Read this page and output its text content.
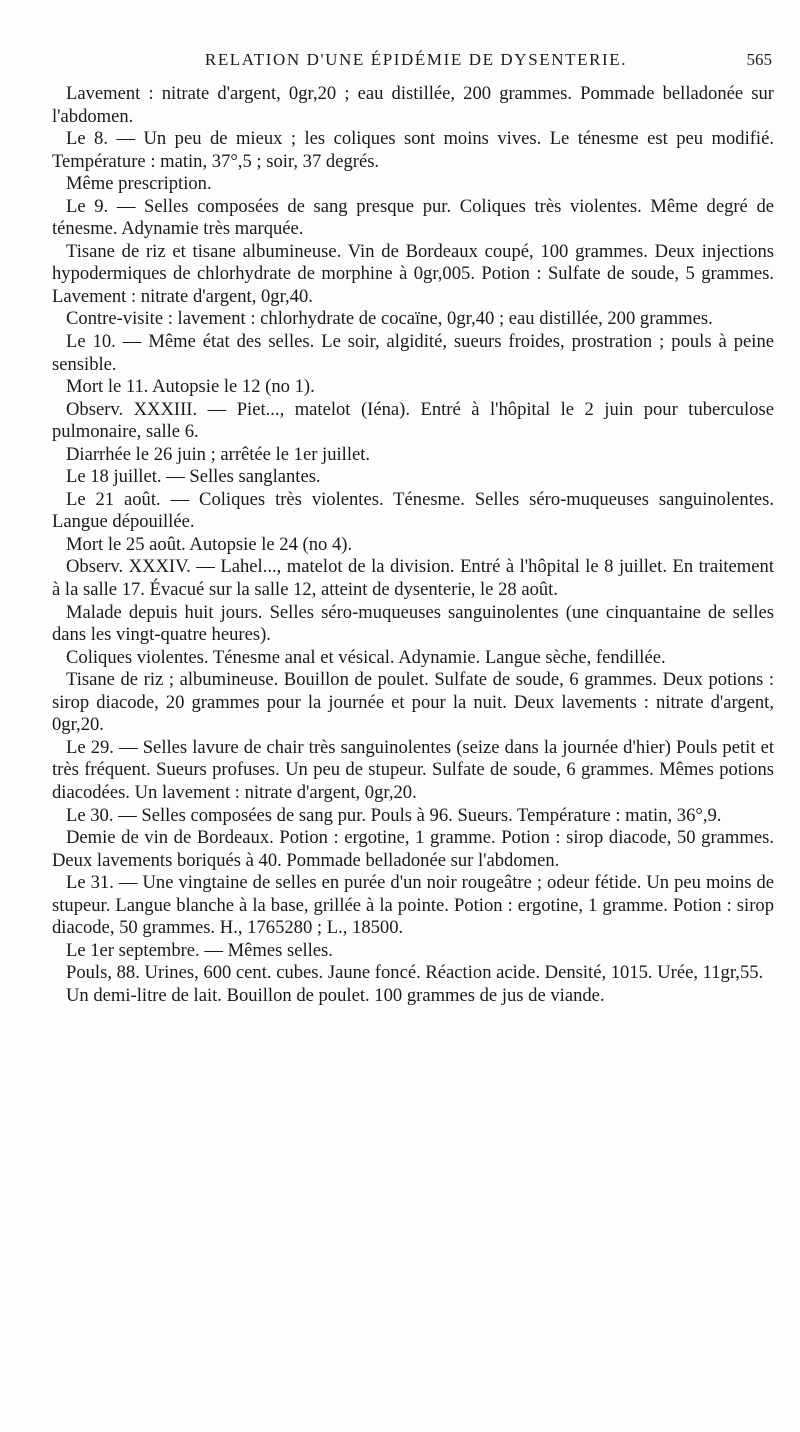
RELATION D'UNE ÉPIDÉMIE DE DYSENTERIE.	565

Lavement : nitrate d'argent, 0gr,20 ; eau distillée, 200 grammes. Pommade belladonée sur l'abdomen.

Le 8. — Un peu de mieux ; les coliques sont moins vives. Le ténesme est peu modifié. Température : matin, 37°,5 ; soir, 37 degrés.

Même prescription.

Le 9. — Selles composées de sang presque pur. Coliques très violentes. Même degré de ténesme. Adynamie très marquée.

Tisane de riz et tisane albumineuse. Vin de Bordeaux coupé, 100 grammes. Deux injections hypodermiques de chlorhydrate de morphine à 0gr,005. Potion : Sulfate de soude, 5 grammes. Lavement : nitrate d'argent, 0gr,40.

Contre-visite : lavement : chlorhydrate de cocaïne, 0gr,40 ; eau distillée, 200 grammes.

Le 10. — Même état des selles. Le soir, algidité, sueurs froides, prostration ; pouls à peine sensible.

Mort le 11. Autopsie le 12 (no 1).

Observ. XXXIII. — Piet..., matelot (Iéna). Entré à l'hôpital le 2 juin pour tuberculose pulmonaire, salle 6.

Diarrhée le 26 juin ; arrêtée le 1er juillet.

Le 18 juillet. — Selles sanglantes.

Le 21 août. — Coliques très violentes. Ténesme. Selles séro-muqueuses sanguinolentes. Langue dépouillée.

Mort le 25 août. Autopsie le 24 (no 4).

Observ. XXXIV. — Lahel..., matelot de la division. Entré à l'hôpital le 8 juillet. En traitement à la salle 17. Évacué sur la salle 12, atteint de dysenterie, le 28 août.

Malade depuis huit jours. Selles séro-muqueuses sanguinolentes (une cinquantaine de selles dans les vingt-quatre heures).

Coliques violentes. Ténesme anal et vésical. Adynamie. Langue sèche, fendillée.

Tisane de riz ; albumineuse. Bouillon de poulet. Sulfate de soude, 6 grammes. Deux potions : sirop diacode, 20 grammes pour la journée et pour la nuit. Deux lavements : nitrate d'argent, 0gr,20.

Le 29. — Selles lavure de chair très sanguinolentes (seize dans la journée d'hier) Pouls petit et très fréquent. Sueurs profuses. Un peu de stupeur. Sulfate de soude, 6 grammes. Mêmes potions diacodées. Un lavement : nitrate d'argent, 0gr,20.

Le 30. — Selles composées de sang pur. Pouls à 96. Sueurs. Température : matin, 36°,9.

Demie de vin de Bordeaux. Potion : ergotine, 1 gramme. Potion : sirop diacode, 50 grammes. Deux lavements boriqués à 40. Pommade belladonée sur l'abdomen.

Le 31. — Une vingtaine de selles en purée d'un noir rougeâtre ; odeur fétide. Un peu moins de stupeur. Langue blanche à la base, grillée à la pointe. Potion : ergotine, 1 gramme. Potion : sirop diacode, 50 grammes. H., 1765280 ; L., 18500.

Le 1er septembre. — Mêmes selles.

Pouls, 88. Urines, 600 cent. cubes. Jaune foncé. Réaction acide. Densité, 1015. Urée, 11gr,55.

Un demi-litre de lait. Bouillon de poulet. 100 grammes de jus de viande.
